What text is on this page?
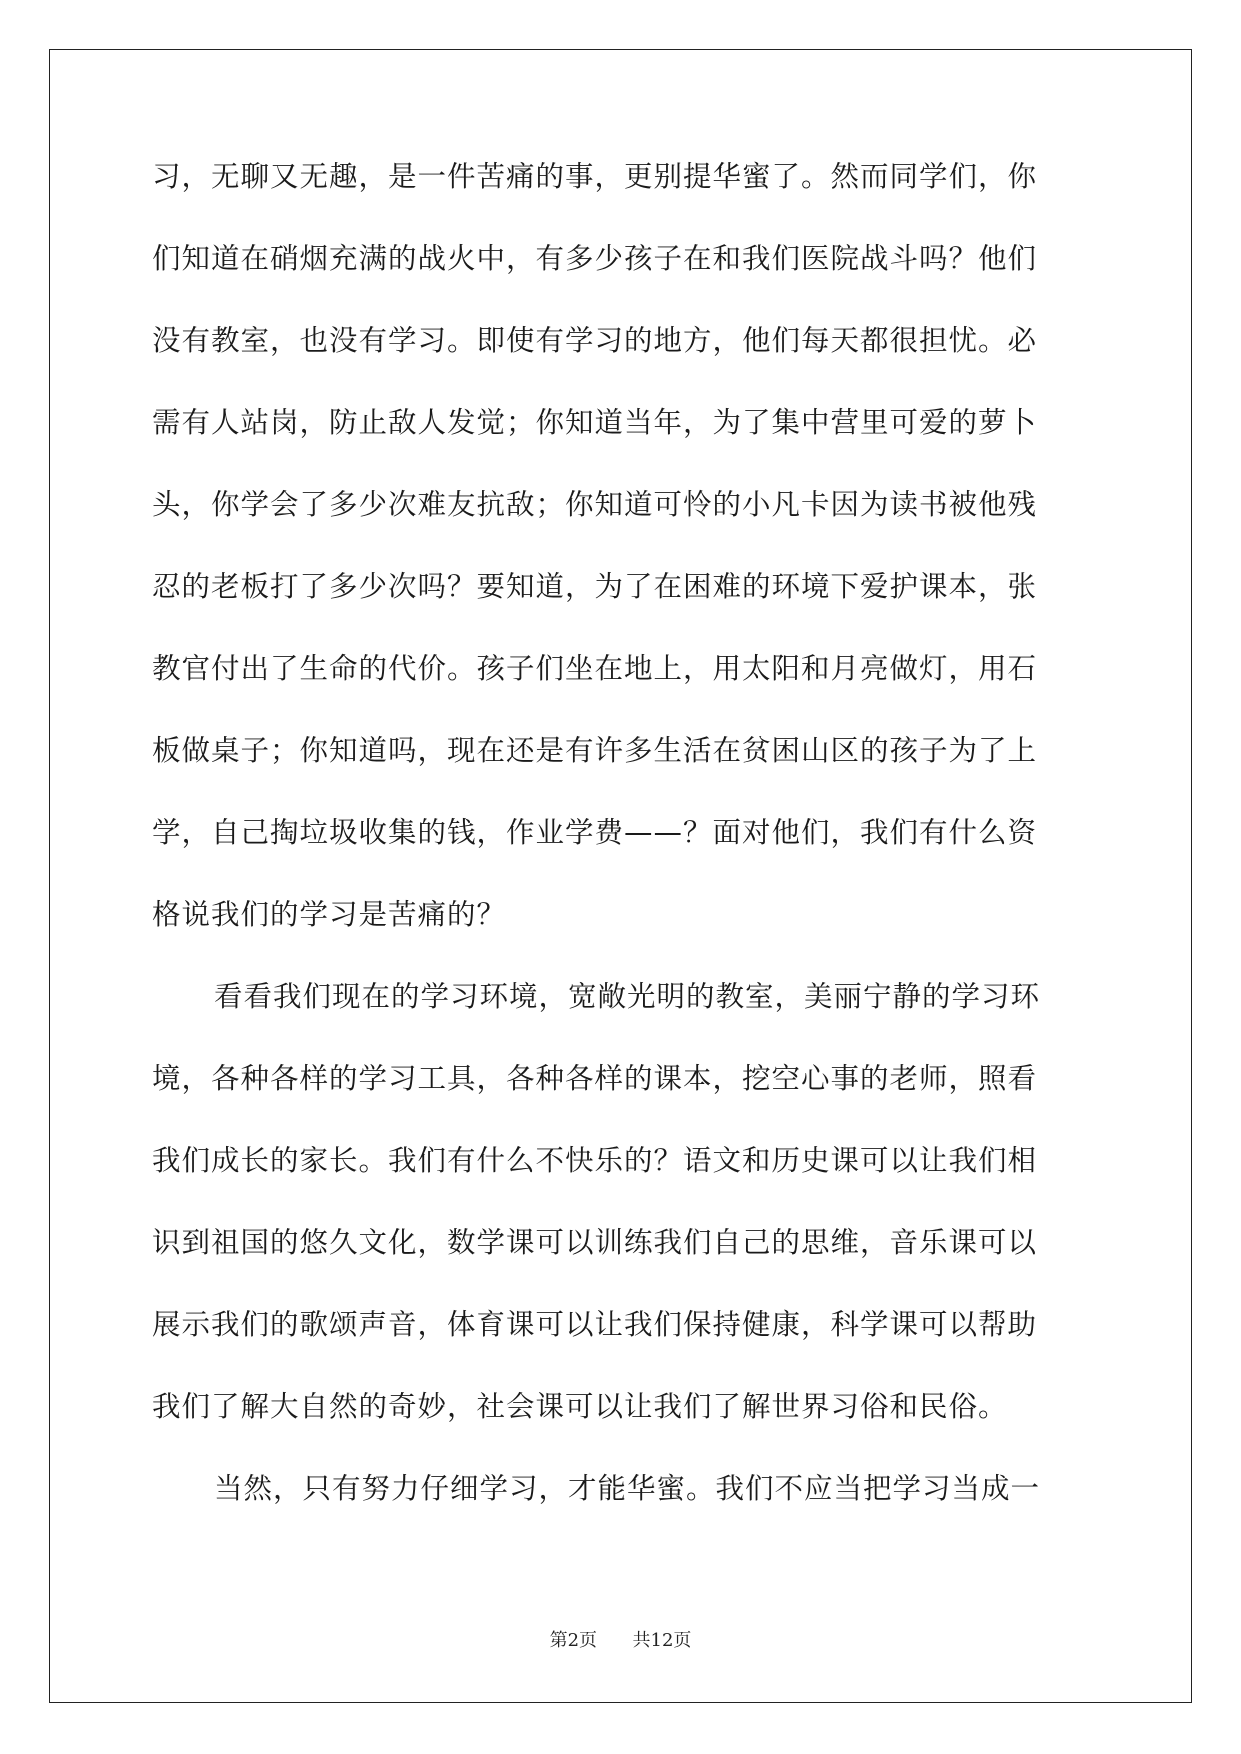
习，无聊又无趣，是一件苦痛的事，更别提华蜜了。然而同学们，你
们知道在硝烟充满的战火中，有多少孩子在和我们医院战斗吗？他们
没有教室，也没有学习。即使有学习的地方，他们每天都很担忧。必
需有人站岗，防止敌人发觉；你知道当年，为了集中营里可爱的萝卜
头，你学会了多少次难友抗敌；你知道可怜的小凡卡因为读书被他残
忍的老板打了多少次吗？要知道，为了在困难的环境下爱护课本，张
教官付出了生命的代价。孩子们坐在地上，用太阳和月亮做灯，用石
板做桌子；你知道吗，现在还是有许多生活在贫困山区的孩子为了上
学，自己掏垃圾收集的钱，作业学费——？面对他们，我们有什么资
格说我们的学习是苦痛的？
看看我们现在的学习环境，宽敞光明的教室，美丽宁静的学习环
境，各种各样的学习工具，各种各样的课本，挖空心事的老师，照看
我们成长的家长。我们有什么不快乐的？语文和历史课可以让我们相
识到祖国的悠久文化，数学课可以训练我们自己的思维，音乐课可以
展示我们的歌颂声音，体育课可以让我们保持健康，科学课可以帮助
我们了解大自然的奇妙，社会课可以让我们了解世界习俗和民俗。
当然，只有努力仔细学习，才能华蜜。我们不应当把学习当成一
第2页 共12页
